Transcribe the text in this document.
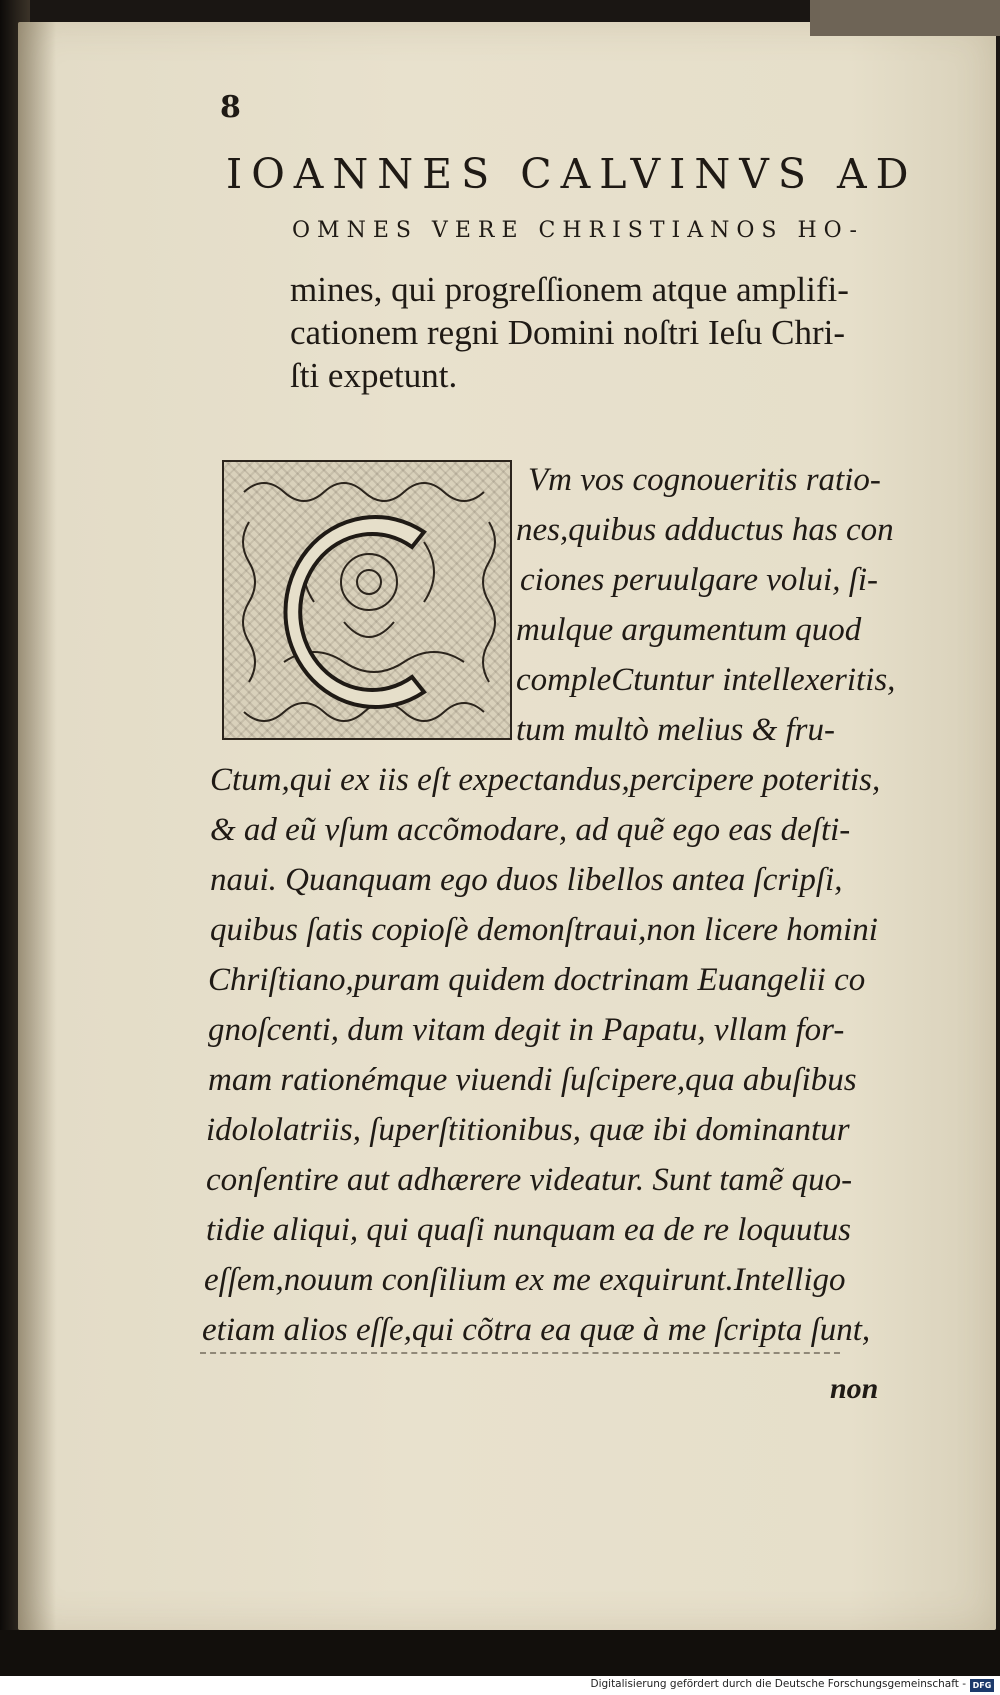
8
IOANNES CALVINVS AD
OMNES VERE CHRISTIANOS HO-
mines, qui progreſſionem atque amplifi-
cationem regni Domini noſtri Ieſu Chri-
ſti expetunt.
Vm vos cognoueritis ratio-
nes,quibus adductus has con
ciones peruulgare volui, ſi-
mulque argumentum quod
compleCtuntur intellexeritis,
tum multò melius & fru-
Ctum,qui ex iis eſt expectandus,percipere poteritis,
& ad eũ vſum accõmodare, ad quẽ ego eas deſti-
naui. Quanquam ego duos libellos antea ſcripſi,
quibus ſatis copioſè demonſtraui,non licere homini
Chriſtiano,puram quidem doctrinam Euangelii co
gnoſcenti, dum vitam degit in Papatu, vllam for-
mam rationémque viuendi ſuſcipere,qua abuſibus
idololatriis, ſuperſtitionibus, quæ ibi dominantur
conſentire aut adhærere videatur. Sunt tamẽ quo-
tidie aliqui, qui quaſi nunquam ea de re loquutus
eſſem,nouum conſilium ex me exquirunt.Intelligo
etiam alios eſſe,qui cõtra ea quæ à me ſcripta ſunt,
non
Digitalisierung gefördert durch die Deutsche Forschungsgemeinschaft - DFG
